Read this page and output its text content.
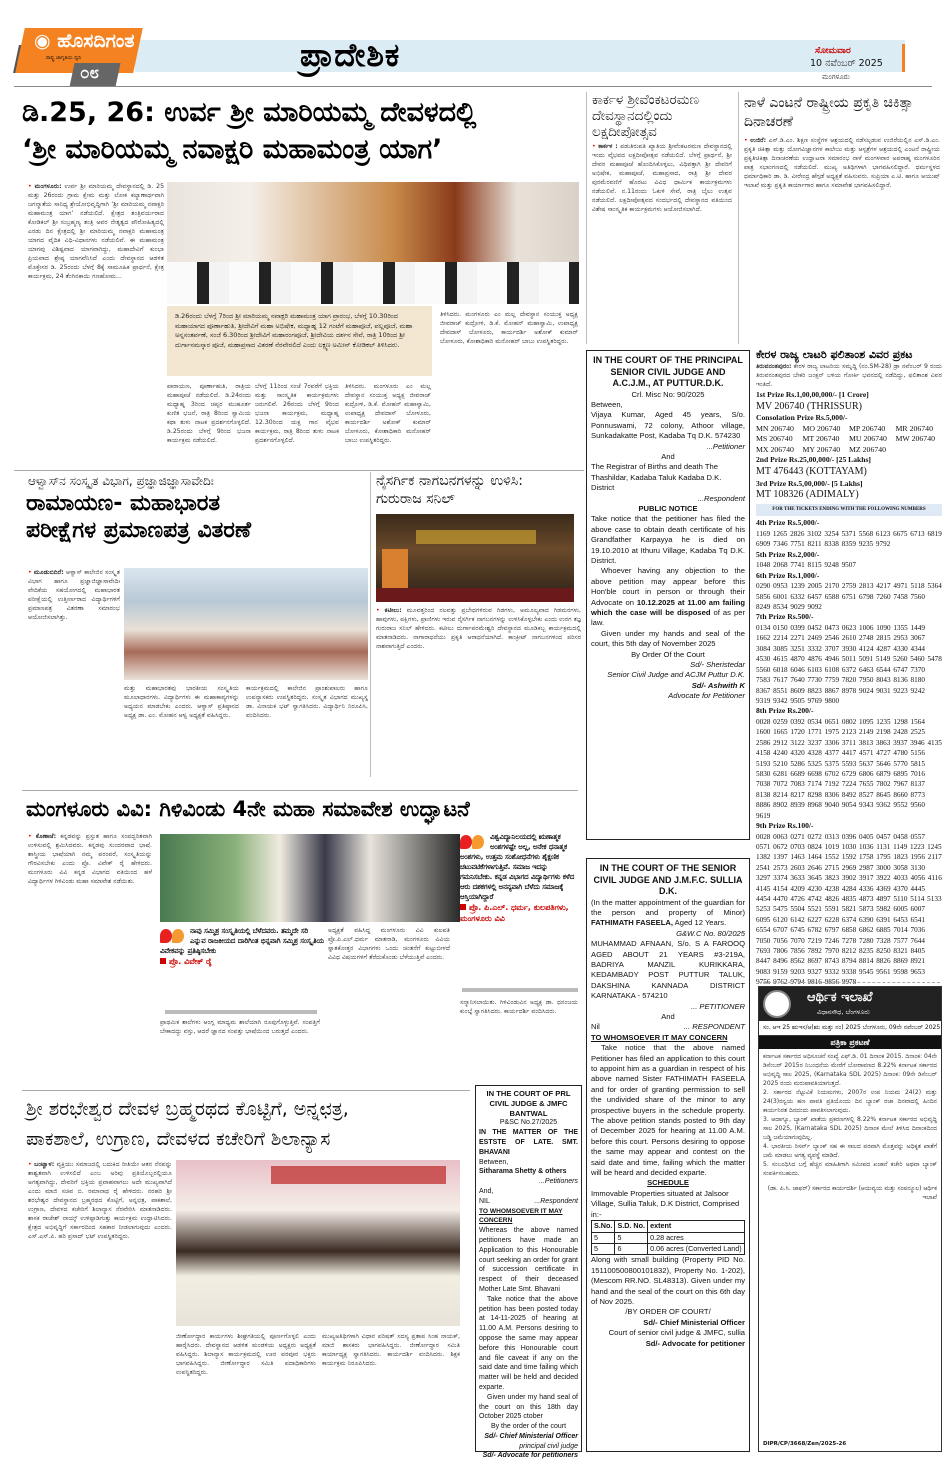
◉ ಹೊಸದಿಗಂತ
ರಾಷ್ಟ್ರ ಜಾಗೃತಿಯ ಧ್ವನಿ
೦೮	ಪ್ರಾದೇಶಿಕ	ಸೋಮವಾರ
10 ನವೆಂಬರ್ 2025
ಮಂಗಳೂರು
ಡಿ.25, 26: ಉರ್ವ ಶ್ರೀ ಮಾರಿಯಮ್ಮ ದೇವಳದಲ್ಲಿ
‘ಶ್ರೀ ಮಾರಿಯಮ್ಮ ನವಾಕ್ಷರಿ ಮಹಾಮಂತ್ರ ಯಾಗ’
• ಮಂಗಳೂರು: ಉರ್ವ ಶ್ರೀ ಮಾರಿಯಮ್ಮ ದೇವಸ್ಥಾನದಲ್ಲಿ ಡಿ. 25 ಮತ್ತು 26ರಂದು ಗ್ರಾಮ ಕ್ಷೇಮ ಮತ್ತು ಲೋಕ ಕಲ್ಯಾಣಾರ್ಥವಾಗಿ ಜಗನ್ಮಾತೆಯ ಸಾನಿಧ್ಯ ಶ್ರೇಯೋಭಿವೃದ್ಧಿಗಾಗಿ ‘ಶ್ರೀ ಮಾರಿಯಮ್ಮ ನವಾಕ್ಷರಿ ಮಹಾಮಂತ್ರ ಯಾಗ’ ನಡೆಯಲಿದೆ. ಕ್ಷೇತ್ರದ ತಂತ್ರಿವರ್ಯರಾದ ಕೋಡಿಕಲ್ ಶ್ರೀ ಸುಬ್ರಹ್ಮಣ್ಯ ತಂತ್ರಿ ಅವರ ನೇತೃತ್ವದ ಪೌರೋಹಿತ್ಯದಲ್ಲಿ ಎರಡು ದಿನ ಕ್ಷೇತ್ರದಲ್ಲಿ ಶ್ರೀ ಮಾರಿಯಮ್ಮ ನವಾಕ್ಷರಿ ಮಹಾಮಂತ್ರ ಯಾಗದ ವೈದಿಕ ವಿಧಿ-ವಿಧಾನಗಳು ನಡೆಯಲಿವೆ. ಈ ಮಹಾಮಂತ್ರ ಯಾಗವು ವಿಶಿಷ್ಟವಾದ ಯಾಗವಾಗಿದ್ದು, ಮಹಾದೇವಿಗೆ ಕುಂಭಾ ಪ್ರಿಯವಾದ ಶ್ರೇಷ್ಠ ಯಾಗವೆನಿಸಿದೆ ಎಂದು ದೇವಸ್ಥಾನದ ಆಡಳಿತ ಮೊಕ್ತೇಸರ ಡಿ. 25ರಂದು ಬೆಳಗ್ಗೆ 8ಕ್ಕೆ ಸಾಮೂಹಿಕ ಪ್ರಾರ್ಥನೆ, ಕ್ಷೇತ್ರ ಕಾರ್ಯಕ್ರಮ, 24 ತೆಂಗಿನಕಾಯಿ ಗಣಹೋಮ...
ಡಿ.26ರಂದು ಬೆಳಗ್ಗೆ 7ರಿಂದ ಶ್ರೀ ಮಾರಿಯಮ್ಮ ನವಾಕ್ಷರಿ ಮಹಾಮಂತ್ರ ಯಾಗ ಪ್ರಾರಂಭ, ಬೆಳಗ್ಗೆ 10.30ರಿಂದ ಮಹಾಯಾಗದ ಪೂರ್ಣಾಹುತಿ, ಶ್ರೀದೇವಿಗೆ ಮಹಾ ಅಭಿಷೇಕ, ಮಧ್ಯಾಹ್ನ 12 ಗಂಟೆಗೆ ಮಹಾಪೂಜೆ, ಪಲ್ಲಪೂಜೆ, ಮಹಾ ಅನ್ನಸಂತರ್ಪಣೆ, ಸಂಜೆ 6.30ರಿಂದ ಶ್ರೀದೇವಿಗೆ ಮಹಾರಂಗಪೂಜೆ, ಶ್ರೀದೇವಿಯ ದರ್ಶನ ಸೇವೆ, ರಾತ್ರಿ 10ರಿಂದ ಶ್ರೀ ದುರ್ಗಾನಮಸ್ಕಾರ ಪೂಜೆ, ಮಹಾಪ್ರಸಾದ ವಿತರಣೆ ನೆರವೇರಲಿದೆ ಎಂದು ಲಕ್ಷ್ಮಣ ಅಮೀನ್ ಕೋಡಿಕಲ್ ತಿಳಿಸಿದರು.
ಪಾರಾಯಣ, ಪೂರ್ಣಾಹುತಿ, ರಾತ್ರಿಯ ಮಹಾಪೂಜೆ ನಡೆಯಲಿದೆ. ಡಿ.24ರಂದು ಮಧ್ಯಾಹ್ನ 3ರಿಂದ ಚಪ್ಪರ ಮುಹೂರ್ತ ಕುಣಿತ ಭಜನೆ, ರಾತ್ರಿ 8ರಿಂದ ಸ್ವಾಮಿಯ ಕಥಾ ತುಳು ನಾಟಕ ಪ್ರದರ್ಶನಗೊಳ್ಳಲಿದೆ. ಡಿ.25ರಂದು ಬೆಳಗ್ಗೆ 9ರಿಂದ ಭಜನಾ ಕಾರ್ಯಕ್ರಮ ನಡೆಯಲಿದೆ.
ಬೆಳಗ್ಗೆ 11ರಿಂದ ಸಂಜೆ 7ರವರೆಗೆ ಭಕ್ತಿಯ ಮತ್ತು ಸಾಂಸ್ಕೃತಿಕ ಕಾರ್ಯಕ್ರಮಗಳು ಜರುಗಲಿವೆ. 26ರಂದು ಬೆಳಗ್ಗೆ 9ರಿಂದ ಭಜನಾ ಕಾರ್ಯಕ್ರಮ, ಮಧ್ಯಾಹ್ನ 12.30ರಿಂದ ಯಕ್ಷ ಗಾನ ವೈಭವ ಕಾರ್ಯಕ್ರಮ, ರಾತ್ರಿ 8ರಿಂದ ತುಳು ನಾಟಕ ಪ್ರದರ್ಶನಗೊಳ್ಳಲಿದೆ.
ತಿಳಿಸಿದರು. ಮಂಗಳೂರು ಎಂ ಮಲ್ಲ ದೇವಸ್ಥಾನ ಸಂಯುಕ್ತ ಅಧ್ಯಕ್ಷ ಜೀವರಾಜ್ ಕುದ್ರೋಳಿ, ಡಿ.ಕೆ. ಮೋಹನ್ ಮಹಾಸ್ವಾಮಿ, ಉಪಾಧ್ಯಕ್ಷ ದೇವದಾಸ್ ಬೋಳೂರು, ಕಾರ್ಯದರ್ಶಿ ಅಶೋಕ್ ಕುಮಾರ್ ಬೋಳೂರು, ಕೋಶಾಧಿಕಾರಿ ಮನೋಹರ್ ಬಾಬು ಉಪಸ್ಥಿತರಿದ್ದರು.
ತಿಳಿಸಿದರು. ಮಂಗಳೂರು ಎಂ ಮಲ್ಲ ದೇವಸ್ಥಾನ ಸಂಯುಕ್ತ ಅಧ್ಯಕ್ಷ ಜೀವರಾಜ್ ಕುದ್ರೋಳಿ, ಡಿ.ಕೆ. ಮೋಹನ್ ಮಹಾಸ್ವಾಮಿ, ಉಪಾಧ್ಯಕ್ಷ ದೇವದಾಸ್ ಬೋಳೂರು, ಕಾರ್ಯದರ್ಶಿ ಅಶೋಕ್ ಕುಮಾರ್ ಬೋಳೂರು, ಕೋಶಾಧಿಕಾರಿ ಮನೋಹರ್ ಬಾಬು ಉಪಸ್ಥಿತರಿದ್ದರು.
ಕಾರ್ಕಳ ಶ್ರೀವೆಂಕಟರಮಣ ದೇವಸ್ಥಾನದಲ್ಲಿಂದು ಲಕ್ಷದೀಪೋತ್ಸವ
• ಕಾರ್ಕಳ : ಪಡುತಿರುಪತಿ ಖ್ಯಾತಿಯ ಶ್ರೀವೆಂಕಟರಮಣ ದೇವಸ್ಥಾನದಲ್ಲಿ ಇಂದು ವೈಭವದ ಲಕ್ಷದೀಪೋತ್ಸವ ನಡೆಯಲಿದೆ. ಬೆಳಗ್ಗೆ ಪ್ರಾರ್ಥನೆ, ಶ್ರೀ ದೇವರ ಮಹಾಪೂಜೆ ಹೊಂದಿಸಿಕೊಳ್ಳಲು, ವಿಧಿವತ್ತಾಗಿ ಶ್ರೀ ದೇವರಿಗೆ ಅಭಿಷೇಕ, ಮಹಾಪೂಜೆ, ಮಹಾಪ್ರಸಾದ, ರಾತ್ರಿ ಶ್ರೀ ದೇವರ ಪುರಮೆರವಣಿಗೆ ಹೊರಟು ವಿವಿಧ ಧಾರ್ಮಿಕ ಕಾರ್ಯಕ್ರಮಗಳು ನಡೆಯಲಿವೆ. ನ.11ರಂದು ಓಕುಳಿ ಸೇವೆ, ರಾತ್ರಿ ಬೈಲು ಉತ್ಸವ ನಡೆಯಲಿದೆ. ಲಕ್ಷದೀಪೋತ್ಸವದ ಸಂದರ್ಭದಲ್ಲಿ ದೇವಸ್ಥಾನದ ವತಿಯಿಂದ ವಿಶೇಷ ಸಾಂಸ್ಕೃತಿಕ ಕಾರ್ಯಕ್ರಮಗಳು ಆಯೋಜಿಸಲಾಗಿದೆ.
ನಾಳೆ ಎಂಟನೆ ರಾಷ್ಟ್ರೀಯ ಪ್ರಕೃತಿ ಚಿಕಿತ್ಸಾ ದಿನಾಚರಣೆ
• ಉಜಿರೆ: ಎಸ್.ಡಿ.ಎಂ. ಶಿಕ್ಷಣ ಸಂಸ್ಥೆಗಳ ಆಶ್ರಯದಲ್ಲಿ ನಡೆಸಲ್ಪಡುವ ಉಜಿರೆಯಲ್ಲಿನ ಎಸ್.ಡಿ.ಎಂ. ಪ್ರಕೃತಿ ಚಿಕಿತ್ಸಾ ಮತ್ತು ಯೋಗವಿಜ್ಞಾನಗಳ ಕಾಲೇಜು ಮತ್ತು ಆಸ್ಪತ್ರೆಗಳ ಆಶ್ರಯದಲ್ಲಿ ಎಂಟನೆ ರಾಷ್ಟ್ರೀಯ ಪ್ರಕೃತಿಚಿಕಿತ್ಸಾ ದಿನಾಚರಣೆಯ ಉದ್ಘಾಟನಾ ಸಮಾರಂಭ ನಾಳೆ ಮಂಗಳವಾರ ಅಪರಾಹ್ನ ಮಂಗಳೂರಿನ ಪಾತ್ರ ಸಭಾಂಗಣದಲ್ಲಿ ನಡೆಯಲಿದೆ. ಮುಖ್ಯ ಅತಿಥಿಗಳಾಗಿ ಭಾಗವಹಿಸಲಿದ್ದಾರೆ. ಧರ್ಮಸ್ಥಳದ ಧರ್ಮಾಧಿಕಾರಿ ಡಾ. ಡಿ. ವೀರೇಂದ್ರ ಹೆಗ್ಗಡೆ ಅಧ್ಯಕ್ಷತೆ ವಹಿಸುವರು. ಸುಪ್ರಿಯಾ ಎ.ಟಿ. ಹಾಗೂ ಆಯುಷ್ ಇಲಾಖೆ ಮತ್ತು ಪ್ರಕೃತಿ ಕಾರ್ಯಾಗಾರ ಹಾಗೂ ಸಮಾವೇಶ ಭಾಗವಹಿಸಲಿದ್ದಾರೆ.
IN THE COURT OF THE PRINCIPAL SENIOR CIVIL JUDGE AND A.C.J.M., AT PUTTUR.D.K.
Crl. Misc No: 90/2025
Between,
Vijaya Kumar, Aged 45 years, S/o. Ponnuswami, 72 colony, Athoor village, Sunkadakatte Post, Kadaba Tq D.K. 574230
...Petitioner
And
The Registrar of Births and death The Thashildar, Kadaba Taluk Kadaba D.K. District
...Respondent
PUBLIC NOTICE
Take notice that the petitioner has filed the above case to obtain death certificate of his Grandfather Karpayya he is died on 19.10.2010 at Ithuru Village, Kadaba Tq D.K. District.
Whoever having any objection to the above petition may appear before this Hon'ble court in person or through their Advocate on 10.12.2025 at 11.00 am failing which the case will be disposed of as per law.
Given under my hands and seal of the court, this 5th day of November 2025
By Order Of the Court
Sd/- Sheristedar
Senior Civil Judge and ACJM Puttur D.K.
Sd/- Ashwith K
Advocate for Petitioner
ಕೇರಳ ರಾಜ್ಯ ಲಾಟರಿ ಫಲಿತಾಂಶ ವಿವರ ಪ್ರಕಟ
ತಿರುವನಂತಪುರಂ: ಕೇರಳ ರಾಜ್ಯ ಲಾಟರಿಯ ಸಮೃದ್ಧಿ (ನಂ.SM-28) ಡ್ರಾ ನವೆಂಬರ್ 9 ರಂದು ತಿರುವನಂತಪುರದ ಬೇಕರಿ ಜಂಕ್ಷನ್ ಬಳಿಯ ಗೋರ್ಕಿ ಭವನದಲ್ಲಿ ನಡೆದಿದ್ದು, ಫಲಿತಾಂಶ ವಿವರ ಇಂತಿದೆ.
1st Prize Rs.1,00,00,000/- [1 Crore]
MV 206740 (THRISSUR)
Consolation Prize Rs.5,000/-
MN 206740	MO 206740	MP 206740	MR 206740
MS 206740	MT 206740	MU 206740	MW 206740
MX 206740	MY 206740	MZ 206740
2nd Prize Rs.25,00,000/- [25 Lakhs]
MT 476443 (KOTTAYAM)
3rd Prize Rs.5,00,000/- [5 Lakhs]
MT 108326 (ADIMALY)
FOR THE TICKETS ENDING WITH THE FOLLOWING NUMBERS
4th Prize Rs.5,000/-
1169 1265 2826 3102 3254 5371 5568 6123 6675 6713 6819 6909 7346 7751 8211 8338 8359 9235 9792
5th Prize Rs.2,000/-
1048 2068 7741 8115 9248 9507
6th Prize Rs.1,000/-
0290 0953 1239 2005 2170 2759 2813 4217 4971 5118 5364 5856 6001 6332 6457 6588 6751 6798 7260 7458 7560 8249 8534 9029 9092
7th Prize Rs.500/-
0134 0150 0399 0452 0473 0623 1006 1090 1355 1449 1662 2214 2271 2469 2546 2610 2748 2815 2953 3067 3084 3085 3251 3332 3707 3930 4124 4287 4330 4344 4530 4615 4870 4876 4946 5011 5091 5149 5260 5460 5478 5560 6018 6046 6103 6108 6372 6463 6544 6747 7370 7583 7617 7640 7730 7759 7820 7950 8043 8136 8180 8367 8551 8609 8823 8867 8978 9024 9031 9223 9242 9319 9342 9505 9769 9800
8th Prize Rs.200/-
0028 0259 0392 0534 0651 0802 1095 1235 1298 1564 1600 1665 1720 1771 1975 2123 2149 2198 2428 2525 2586 2912 3122 3237 3306 3711 3813 3863 3937 3946 4135 4158 4240 4320 4328 4377 4417 4571 4727 4780 5156 5193 5210 5286 5325 5375 5593 5637 5646 5770 5815 5830 6281 6689 6698 6702 6729 6806 6879 6895 7016 7038 7072 7083 7174 7192 7224 7655 7802 7967 8137 8138 8214 8217 8298 8306 8492 8527 8645 8660 8773 8886 8902 8939 8968 9040 9054 9343 9362 9552 9560 9619
9th Prize Rs.100/-
0028 0063 0271 0272 0313 0396 0405 0457 0458 0557 0571 0672 0703 0824 1019 1030 1036 1131 1149 1223 1245 1382 1397 1463 1464 1552 1592 1758 1795 1823 1956 2117 2541 2573 2603 2646 2715 2969 2987 3000 3058 3130 3297 3374 3633 3645 3823 3902 3917 3922 4033 4056 4116 4145 4154 4209 4230 4238 4284 4336 4369 4370 4445 4454 4470 4726 4742 4826 4835 4873 4897 5110 5114 5133 5253 5475 5504 5521 5591 5821 5873 5982 6005 6007 6095 6120 6142 6227 6228 6374 6390 6391 6453 6541 6554 6707 6745 6782 6797 6858 6862 6885 7014 7036 7050 7056 7070 7219 7246 7278 7280 7328 7577 7644 7693 7806 7856 7892 7970 8212 8235 8250 8321 8405 8447 8496 8562 8697 8743 8794 8814 8826 8869 8921 9083 9159 9203 9327 9332 9338 9545 9561 9598 9653 9756 9762 9794 9816 9856 9978
ಆಳ್ವಾಸ್‌ನ ಸಂಸ್ಕೃತ ವಿಭಾಗ, ಪ್ರಜ್ಞಾಜಿಜ್ಞಾಸಾವೇದಿಃ
ರಾಮಾಯಣ- ಮಹಾಭಾರತ
ಪರೀಕ್ಷೆಗಳ ಪ್ರಮಾಣಪತ್ರ ವಿತರಣೆ
• ಮೂಡುಬಿದಿರೆ: ಆಳ್ವಾಸ್ ಕಾಲೇಜಿನ ಸಂಸ್ಕೃತ ವಿಭಾಗ ಹಾಗೂ ಪ್ರಜ್ಞಾಜಿಜ್ಞಾಸಾವೇದಿಃ ವೇದಿಕೆಯ ಸಹಯೋಗದಲ್ಲಿ ಮಹಾಭಾರತ ಪರೀಕ್ಷೆಯಲ್ಲಿ ಉತ್ತೀರ್ಣರಾದ ವಿದ್ಯಾರ್ಥಿಗಳಿಗೆ ಪ್ರಮಾಣಪತ್ರ ವಿತರಣಾ ಸಮಾರಂಭ ಆಯೋಜಿಸಲಾಗಿತ್ತು.
ಮತ್ತು ಮಹಾಭಾರತವು ಭಾರತೀಯ ಸಂಸ್ಕೃತಿಯ ಮೂಲಾಧಾರಗಳು. ವಿದ್ಯಾರ್ಥಿಗಳು ಈ ಮಹಾಕಾವ್ಯಗಳನ್ನು ಅಧ್ಯಯನ ಮಾಡಬೇಕು ಎಂದರು. ಆಳ್ವಾಸ್ ಪ್ರತಿಷ್ಠಾನದ ಅಧ್ಯಕ್ಷ ಡಾ. ಎಂ. ಮೋಹನ ಆಳ್ವ ಅಧ್ಯಕ್ಷತೆ ವಹಿಸಿದ್ದರು.
ಕಾರ್ಯಕ್ರಮದಲ್ಲಿ ಕಾಲೇಜಿನ ಪ್ರಾಂಶುಪಾಲರು ಹಾಗೂ ಉಪನ್ಯಾಸಕರು ಉಪಸ್ಥಿತರಿದ್ದರು. ಸಂಸ್ಕೃತ ವಿಭಾಗದ ಮುಖ್ಯಸ್ಥ ಡಾ. ವಿನಾಯಕ ಭಟ್ ಸ್ವಾಗತಿಸಿದರು. ವಿದ್ಯಾರ್ಥಿನಿ ನಿರೂಪಿಸಿ, ವಂದಿಸಿದರು.
ನೈಸರ್ಗಿಕ ನಾಗಬನಗಳನ್ನು ಉಳಿಸಿ: ಗುರುರಾಜ ಸನಿಲ್
• ಕಟೀಲು: ಮೂವತ್ತರಿಂದ ನಲವತ್ತು ಪ್ರಬೇಧಗಳಿರುವ ಗಿಡಗಳು, ಅಮೂಲ್ಯವಾದ ಗಿಡಮರಗಳು, ಹಾವುಗಳು, ಪಕ್ಷಿಗಳು, ಪ್ರಾಣಿಗಳು ಇರುವ ನೈಸರ್ಗಿಕ ನಾಗಬನಗಳನ್ನು ಉಳಿಸಿಕೊಳ್ಳಬೇಕು ಎಂದು ಉರಗ ತಜ್ಞ ಗುರುರಾಜ ಸನಿಲ್ ಹೇಳಿದರು. ಕಟೀಲು ದುರ್ಗಾಪರಮೇಶ್ವರಿ ದೇವಸ್ಥಾನದ ಮೂಡಿಕಬ್ಬ ಕಾರ್ಯಕ್ರಮದಲ್ಲಿ ಮಾತನಾಡಿದರು. ನಾಗಾರಾಧನೆಯು ಪ್ರಕೃತಿ ಆರಾಧನೆಯಾಗಿದೆ. ಕಾಂಕ್ರೀಟ್ ನಾಗಬನಗಳಿಂದ ಪರಿಸರ ನಾಶವಾಗುತ್ತಿದೆ ಎಂದರು.
ಮಂಗಳೂರು ವಿವಿ: ಗಿಳಿವಿಂಡು 4ನೇ ಮಹಾ ಸಮಾವೇಶ ಉದ್ಘಾಟನೆ
• ಕೊಣಾಜೆ: ಕನ್ನಡವನ್ನು ಪ್ರಸ್ತುತ ಹಾಗೂ ಸಂಪದ್ಭರಿತವಾಗಿ ಉಳಿಸುವಲ್ಲಿ ಶ್ರಮಿಸಿದವರು. ಕನ್ನಡವು ಸುಂದರವಾದ ಭಾಷೆ. ಶಾಸ್ತ್ರೀಯ ಭಾಷೆಯಾಗಿ ನಮ್ಮ ಪರಂಪರೆ, ಸಂಸ್ಕೃತಿಯನ್ನು ಗೌರವಿಸಬೇಕು ಎಂದು ಪ್ರೊ. ವಿವೇಕ್ ರೈ ಹೇಳಿದರು. ಮಂಗಳೂರು ವಿವಿ ಕನ್ನಡ ವಿಭಾಗದ ವತಿಯಿಂದ ಹಳೆ ವಿದ್ಯಾರ್ಥಿಗಳ ಗಿಳಿವಿಂಡು ಮಹಾ ಸಮಾವೇಶ ನಡೆಯಿತು.
ನಾವು ಸಮ್ಮಿಶ್ರ ಸಂಸ್ಕೃತಿಯಲ್ಲಿ ಬೆಳೆದವರು. ತಮ್ಮದೇ ಸರಿ ಎನ್ನುವ ರಾಜಕೀಯದ ದಾರಿಗಿಂತ ಭಿನ್ನವಾಗಿ ಸಮ್ಮಿಶ್ರ ಸಂಸ್ಕೃತಿಯ ವಿವೇಕವನ್ನು ಪ್ರತಿಷ್ಠಿಸಬೇಕು
ಪ್ರೊ. ವಿವೇಕ್ ರೈ
ಪ್ರಾಥಮಿಕ ಶಾಲೆಗಳು ಆಂಗ್ಲ ಮಾಧ್ಯಮ ಶಾಲೆಯಾಗಿ ರೂಪುಗೊಳ್ಳುತ್ತಿವೆ. ಸಂಪತ್ತಿಗೆ ಬೇಕಾದದ್ದು ವಸ್ತು, ಆದರೆ ಜ್ಞಾನದ ಸಂಪತ್ತು ಭಾಷೆಯಿಂದ ಬರುತ್ತದೆ ಎಂದರು.
ಅಧ್ಯಕ್ಷತೆ ವಹಿಸಿದ್ದ ಮಂಗಳೂರು ವಿವಿ ಕುಲಪತಿ ಪ್ರೊ.ಪಿ.ಎಲ್.ಧರ್ಮ ಮಾತನಾಡಿ, ಮಂಗಳೂರು ವಿವಿಯ ಸ್ನಾತಕೋತ್ತರ ವಿಭಾಗಗಳು ಒಂದು ಚಿಂತನೆಗೆ ಕುಟ್ಟುಬೀಳದೆ ವಿವಿಧ ವಿಷಯಗಳಿಗೆ ತೆರೆದುಕೊಂಡು ಬೆಳೆಯುತ್ತಿವೆ ಎಂದರು.
ವಿಶ್ವವಿದ್ಯಾನಿಲಯದಲ್ಲಿ ಋಣಾತ್ಮಕ ಅಂಶಗಳಷ್ಟೇ ಅಲ್ಲ, ಅನೇಕ ಧನಾತ್ಮಕ ಅಂಶಗಳು, ಉತ್ತಮ ಸಂಶೋಧನೆಗಳು ಶೈಕ್ಷಣಿಕ ಚಟುವಟಿಕೆಗಳಾಗುತ್ತಿವೆ. ಸಮಾಜ ಇದನ್ನು ಗಮನಿಸಬೇಕು. ಕನ್ನಡ ವಿಭಾಗದ ವಿದ್ಯಾರ್ಥಿಗಳು ಕಳೆದ ಆರು ದಶಕಗಳಲ್ಲಿ ಅನನ್ಯವಾಗಿ ಬೆಳೆದು ಸಮಾಜಕ್ಕೆ ಆಸ್ತಿಯಾಗಿದ್ದಾರೆ
ಪ್ರೊ. ಪಿ.ಎಲ್. ಧರ್ಮ, ಕುಲಪತಿಗಳು, ಮಂಗಳೂರು ವಿವಿ
ಸನ್ಮಾನಿಸಲಾಯಿತು. ಗಿಳಿವಿಂಡುವಿನ ಅಧ್ಯಕ್ಷ ಡಾ. ಧನಂಜಯ ಕುಂಬ್ಳೆ ಸ್ವಾಗತಿಸಿದರು. ಕಾರ್ಯದರ್ಶಿ ವಂದಿಸಿದರು.
IN THE COURT OF THE SENIOR CIVIL JUDGE AND J.M.F.C. SULLIA D.K.
(In the matter appointment of the guardian for the person and property of Minor) FATHIMATH FASEELA, Aged 12 Years.
G&W.C No. 80/2025
MUHAMMAD AFNAAN, S/o. S A FAROOQ AGED ABOUT 21 YEARS #3-219A, BADRIYA MANZIL KURIKKARA, KEDAMBADY POST PUTTUR TALUK, DAKSHINA KANNADA DISTRICT KARNATAKA - 574210
... PETITIONER
And
Nil	... RESPONDENT
TO WHOMSOEVER IT MAY CONCERN
Take notice that the above named Petitioner has filed an application to this court to appoint him as a guardian in respect of his above named Sister FATHIMATH FASEELA and for order of granting permission to sell the undivided share of the minor to any prospective buyers in the schedule property. The above petition stands posted to 9th day of December 2025 for hearing at 11.00 A.M. before this court. Persons desiring to oppose the same may appear and contest on the said date and time, failing which the matter will be heard and decided exparte.
SCHEDULE
Immovable Properties situated at Jalsoor Village, Sullia Taluk, D.K District, Comprised in:-
S.No.	S.D. No.	extent
5	5	0.28 acres
5	6	0.06 acres (Converted Land)
Along with small building (Property PID No. 151100500800101832), Property No. 1-202), (Mescom RR.NO. SL48313). Given under my hand and the seal of the court on this 6th day of Nov 2025.
/BY ORDER OF COURT/
Sd/- Chief Ministerial Officer
Court of senior civil judge & JMFC, sullia
Sd/- Advocate for petitioner
ಶ್ರೀ ಶರಭೇಶ್ವರ ದೇವಳ ಬ್ರಹ್ಮರಥದ ಕೊಟ್ಟಿಗೆ, ಅನ್ನಛತ್ರ,
ಪಾಕಶಾಲೆ, ಉಗ್ರಾಣ, ದೇವಳದ ಕಚೇರಿಗೆ ಶಿಲಾನ್ಯಾಸ
• ಬಂಟ್ವಾಳ: ವ್ಯಕ್ತಿಯು ಸಮಾಜದಲ್ಲಿ ಬದುಕಿದ ರೀತಿಯೇ ಆತನ ನೆನಪನ್ನು ಶಾಶ್ವತವಾಗಿ ಉಳಿಸಲಿದೆ ಎಂಬ ಅರಿವು ಪ್ರತಿಯೊಬ್ಬರಲ್ಲಿಯೂ ಅಗತ್ಯವಾಗಿದ್ದು, ದೇವರಿಗೆ ಭಕ್ತಿಯ ಪ್ರವಾಹವಾಗಲು ಅದೇ ಮುಖ್ಯವಾಗಿದೆ ಎಂದು ಮಾಜಿ ಸಚಿವ ಬಿ. ರಮಾನಾಥ ರೈ ಹೇಳಿದರು. ನರಹರಿ ಶ್ರೀ ಶರಭೇಶ್ವರ ದೇವಸ್ಥಾನದ ಬ್ರಹ್ಮರಥದ ಕೊಟ್ಟಿಗೆ, ಅನ್ನಛತ್ರ, ಪಾಕಶಾಲೆ, ಉಗ್ರಾಣ, ದೇವಳದ ಕಚೇರಿಗೆ ಶಿಲಾನ್ಯಾಸ ನೆರವೇರಿಸಿ ಮಾತನಾಡಿದರು. ಶಾಸಕ ರಾಜೇಶ್ ನಾಯ್ಕ್ ಉಳಿಪ್ಪಾಡಿಗುತ್ತು ಕಾರ್ಯಕ್ರಮ ಉದ್ಘಾಟಿಸಿದರು. ಕ್ಷೇತ್ರದ ಅಭಿವೃದ್ಧಿಗೆ ಸರ್ಕಾರದಿಂದ ಸಹಕಾರ ನೀಡಲಾಗುವುದು ಎಂದರು. ಎಸ್.ಎಸ್.ಪಿ. ಹರಿ ಪ್ರಸಾದ್ ಭಟ್ ಉಪಸ್ಥಿತರಿದ್ದರು.
ಜೀರ್ಣೋದ್ಧಾರ ಕಾರ್ಯಗಳು ಶೀಘ್ರಗತಿಯಲ್ಲಿ ಪೂರ್ಣಗೊಳ್ಳಲಿ ಎಂದು ಹಾರೈಸಿದರು. ದೇವಸ್ಥಾನದ ಆಡಳಿತ ಮಂಡಳಿಯ ಅಧ್ಯಕ್ಷರು ಅಧ್ಯಕ್ಷತೆ ವಹಿಸಿದ್ದರು. ಶಿಲಾನ್ಯಾಸ ಕಾರ್ಯಕ್ರಮದಲ್ಲಿ ಊರ ಪರವೂರ ಭಕ್ತರು ಭಾಗವಹಿಸಿದ್ದರು. ಜೀರ್ಣೋದ್ಧಾರ ಸಮಿತಿ ಪದಾಧಿಕಾರಿಗಳು ಉಪಸ್ಥಿತರಿದ್ದರು.
ಮುಖ್ಯಅತಿಥಿಗಳಾಗಿ ವಿಧಾನ ಪರಿಷತ್ ಸದಸ್ಯ ಪ್ರತಾಪ ಸಿಂಹ ನಾಯಕ್, ಮಾಜಿ ಶಾಸಕರು ಭಾಗವಹಿಸಿದ್ದರು. ಜೀರ್ಣೋದ್ಧಾರ ಸಮಿತಿ ಕಾರ್ಯಾಧ್ಯಕ್ಷ ಸ್ವಾಗತಿಸಿದರು. ಕಾರ್ಯದರ್ಶಿ ವಂದಿಸಿದರು. ಶಿಕ್ಷಕ ಕಾರ್ಯಕ್ರಮ ನಿರೂಪಿಸಿದರು.
IN THE COURT OF PRL CIVIL JUDGE & JMFC BANTWAL
P&SC No.27/2025
IN THE MATTER OF THE ESTSTE OF LATE. SMT. BHAVANI
Between,
Sitharama Shetty & others
...Petitioners
And,
NIL	...Respondent
TO WHOMSOEVER IT MAY CONCERN
Whereas the above named petitioners have made an Application to this Honourable court seeking an order for grant of succession certificate in respect of their deceased Mother Late Smt. Bhavani
Take notice that the above petition has been posted today at 14-11-2025 of hearing at 11.00 A.M. Persons desiring to oppose the same may appear before this Honourable court and file caveat if any on the said date and time failing which matter will be held and decided exparte.
Given under my hand seal of the court on this 18th day October 2025 ctober
By the order of the court
Sd/- Chief Ministerial Officer
principal civil judge
Sd/- Advocate for petitioners
ಆರ್ಥಿಕ ಇಲಾಖೆ
ವಿಧಾನಸೌಧ, ಬೆಂಗಳೂರು
ಸಂ. ಆಇ 25 ಋಇಸ/ಆ(ಋ ಮತ್ತು ನಂ) 2025 ಬೆಂಗಳೂರು, 09ನೇ ನವೆಂಬರ್ 2025
ಪತ್ರಿಕಾ ಪ್ರಕಟಣೆ

ಕರ್ನಾಟಕ ಸರ್ಕಾರದ ಅಧಿಸೂಚನೆ ಸಂಖ್ಯೆ ಎಫ್.ಡಿ. 01 ದಿನಾಂಕ 2015. ದಿನಾಂಕ: 04ನೇ ಡಿಸೆಂಬರ್ 2015ರ ನಿಬಂಧನೆಯ ಮೇರೆಗೆ ಬೋರಾವಣದ 8.22% ಕರ್ನಾಟಕ ಸರ್ಕಾರದ ಅಭಿವೃದ್ಧಿ ಸಾಲ 2025, (Karnataka SDL 2025) ದಿನಾಂಕ: 09ನೇ ಡಿಸೆಂಬರ್ 2025 ರಂದು ಮರುಪಾವತಿಯಾಗುತ್ತದೆ.

2. ಸರ್ಕಾರದ ನೆಟ್ಟುವಿಕೆ ನಿಯಮಗಳು, 2007ರ ಉಪ ನಿಯಮ 24(2) ಮತ್ತು 24(3)ರನ್ವಯ ಹಣ ಪಾವತಿ ಪ್ರತಿಯೊಂದು ದಿನ ಬ್ಯಾಂಕ್ ರಜಾ ದಿನವಾದಲ್ಲಿ ಹಿಂದಿನ ಕಾರ್ಯನಿರತ ದಿನದಂದು ಪಾವತಿಸಲಾಗುವುದು.

3. ಆದಾಗ್ಯೂ, ಬ್ಯಾಂಕ್ ಖಾತೆಯ ಪ್ರಕರಣಗಳಲ್ಲಿ 8.22% ಕರ್ನಾಟಕ ಸರ್ಕಾರದ ಅಭಿವೃದ್ಧಿ ಸಾಲ 2025, (Karnataka SDL 2025) ದಿನಾಂಕ ಮೇಲೆ ತಿಳಿಸಿದ ದಿನಾಂಕದಿಂದ ಬಡ್ಡಿ ಜಮೆಯಾಗುವುದಿಲ್ಲ.

4. ಭಾರತೀಯ ರಿಸರ್ವ್ ಬ್ಯಾಂಕ್ ಸಹ ಈ ಸಾಲದ ಪರವಾಗಿ ಮೊತ್ತವನ್ನು ಅಧಿಕೃತ ಖಾತೆಗೆ ಜಮೆ ಮಾಡಲು ಅಗತ್ಯ ವ್ಯವಸ್ಥೆ ಮಾಡಿದೆ.

5. ಸಂಬಂಧಿಸಿದ ಬಗ್ಗೆ ಹೆಚ್ಚಿನ ಮಾಹಿತಿಗಾಗಿ ಸಮೀಪದ ಖಜಾನೆ ಕಚೇರಿ ಅಥವಾ ಬ್ಯಾಂಕ್ ಸಂಪರ್ಕಿಸಬಹುದು.

(ಡಾ. ಪಿ.ಸಿ. ಜಾಫರ್) ಸರ್ಕಾರದ ಕಾರ್ಯದರ್ಶಿ (ಆಯವ್ಯಯ ಮತ್ತು ಸಂಪನ್ಮೂಲ) ಆರ್ಥಿಕ ಇಲಾಖೆ

DIPR/CP/3668/Zen/2025-26
